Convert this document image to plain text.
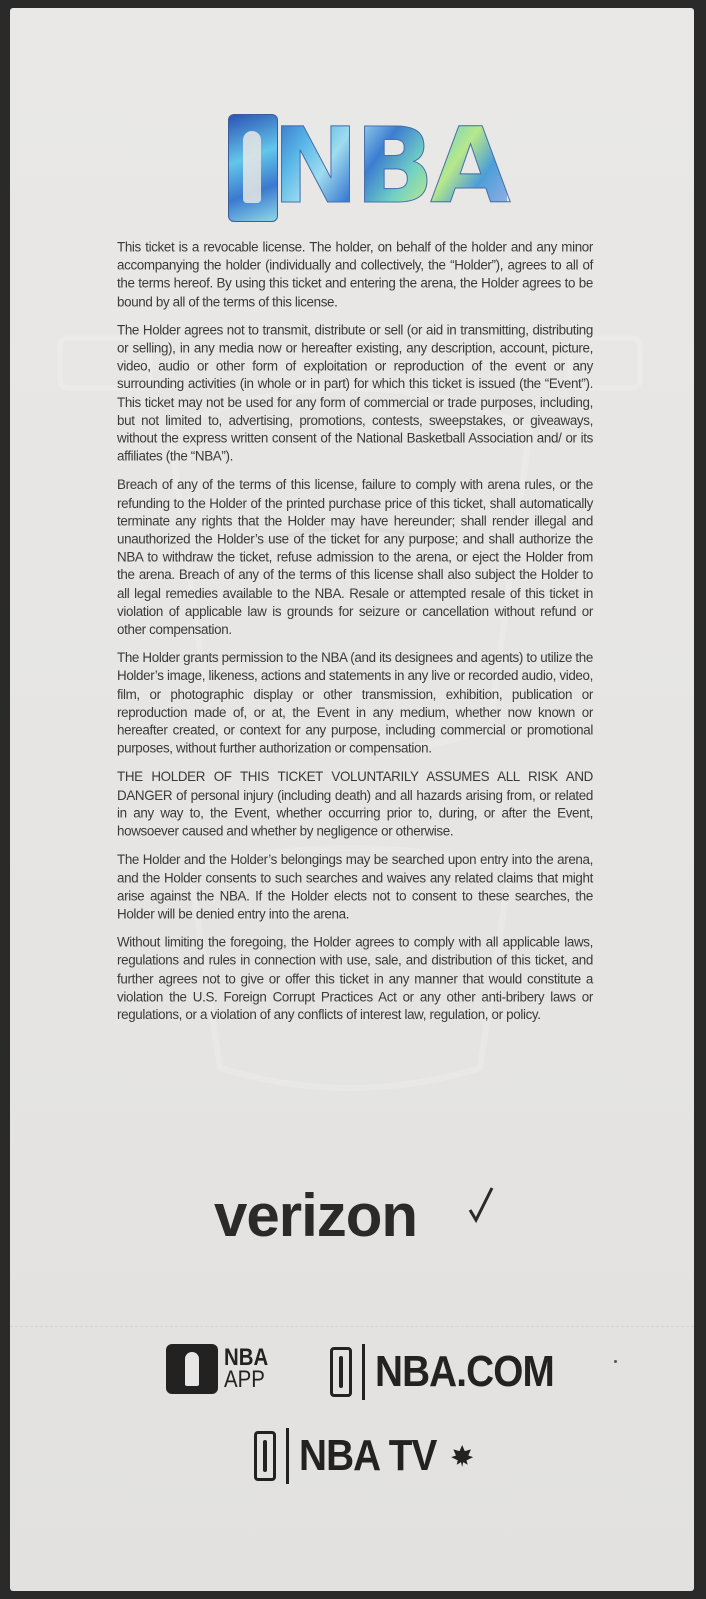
NBA

This ticket is a revocable license. The holder, on behalf of the holder and any minor accompanying the holder (individually and collectively, the “Holder”), agrees to all of the terms hereof. By using this ticket and entering the arena, the Holder agrees to be bound by all of the terms of this license.

The Holder agrees not to transmit, distribute or sell (or aid in transmitting, distributing or selling), in any media now or hereafter existing, any description, account, picture, video, audio or other form of exploitation or reproduction of the event or any surrounding activities (in whole or in part) for which this ticket is issued (the “Event”). This ticket may not be used for any form of commercial or trade purposes, including, but not limited to, advertising, promotions, contests, sweepstakes, or giveaways, without the express written consent of the National Basketball Association and/ or its affiliates (the “NBA”).

Breach of any of the terms of this license, failure to comply with arena rules, or the refunding to the Holder of the printed purchase price of this ticket, shall automatically terminate any rights that the Holder may have hereunder; shall render illegal and unauthorized the Holder’s use of the ticket for any purpose; and shall authorize the NBA to withdraw the ticket, refuse admission to the arena, or eject the Holder from the arena. Breach of any of the terms of this license shall also subject the Holder to all legal remedies available to the NBA. Resale or attempted resale of this ticket in violation of applicable law is grounds for seizure or cancellation without refund or other compensation.

The Holder grants permission to the NBA (and its designees and agents) to utilize the Holder’s image, likeness, actions and statements in any live or recorded audio, video, film, or photographic display or other transmission, exhibition, publication or reproduction made of, or at, the Event in any medium, whether now known or hereafter created, or context for any purpose, including commercial or promotional purposes, without further authorization or compensation.

THE HOLDER OF THIS TICKET VOLUNTARILY ASSUMES ALL RISK AND DANGER of personal injury (including death) and all hazards arising from, or related in any way to, the Event, whether occurring prior to, during, or after the Event, howsoever caused and whether by negligence or otherwise.

The Holder and the Holder’s belongings may be searched upon entry into the arena, and the Holder consents to such searches and waives any related claims that might arise against the NBA. If the Holder elects not to consent to these searches, the Holder will be denied entry into the arena.

Without limiting the foregoing, the Holder agrees to comply with all applicable laws, regulations and rules in connection with use, sale, and distribution of this ticket, and further agrees not to give or offer this ticket in any manner that would constitute a violation the U.S. Foreign Corrupt Practices Act or any other anti-bribery laws or regulations, or a violation of any conflicts of interest law, regulation, or policy.

verizon
NBA
APP	NBA.COM
NBA TV
